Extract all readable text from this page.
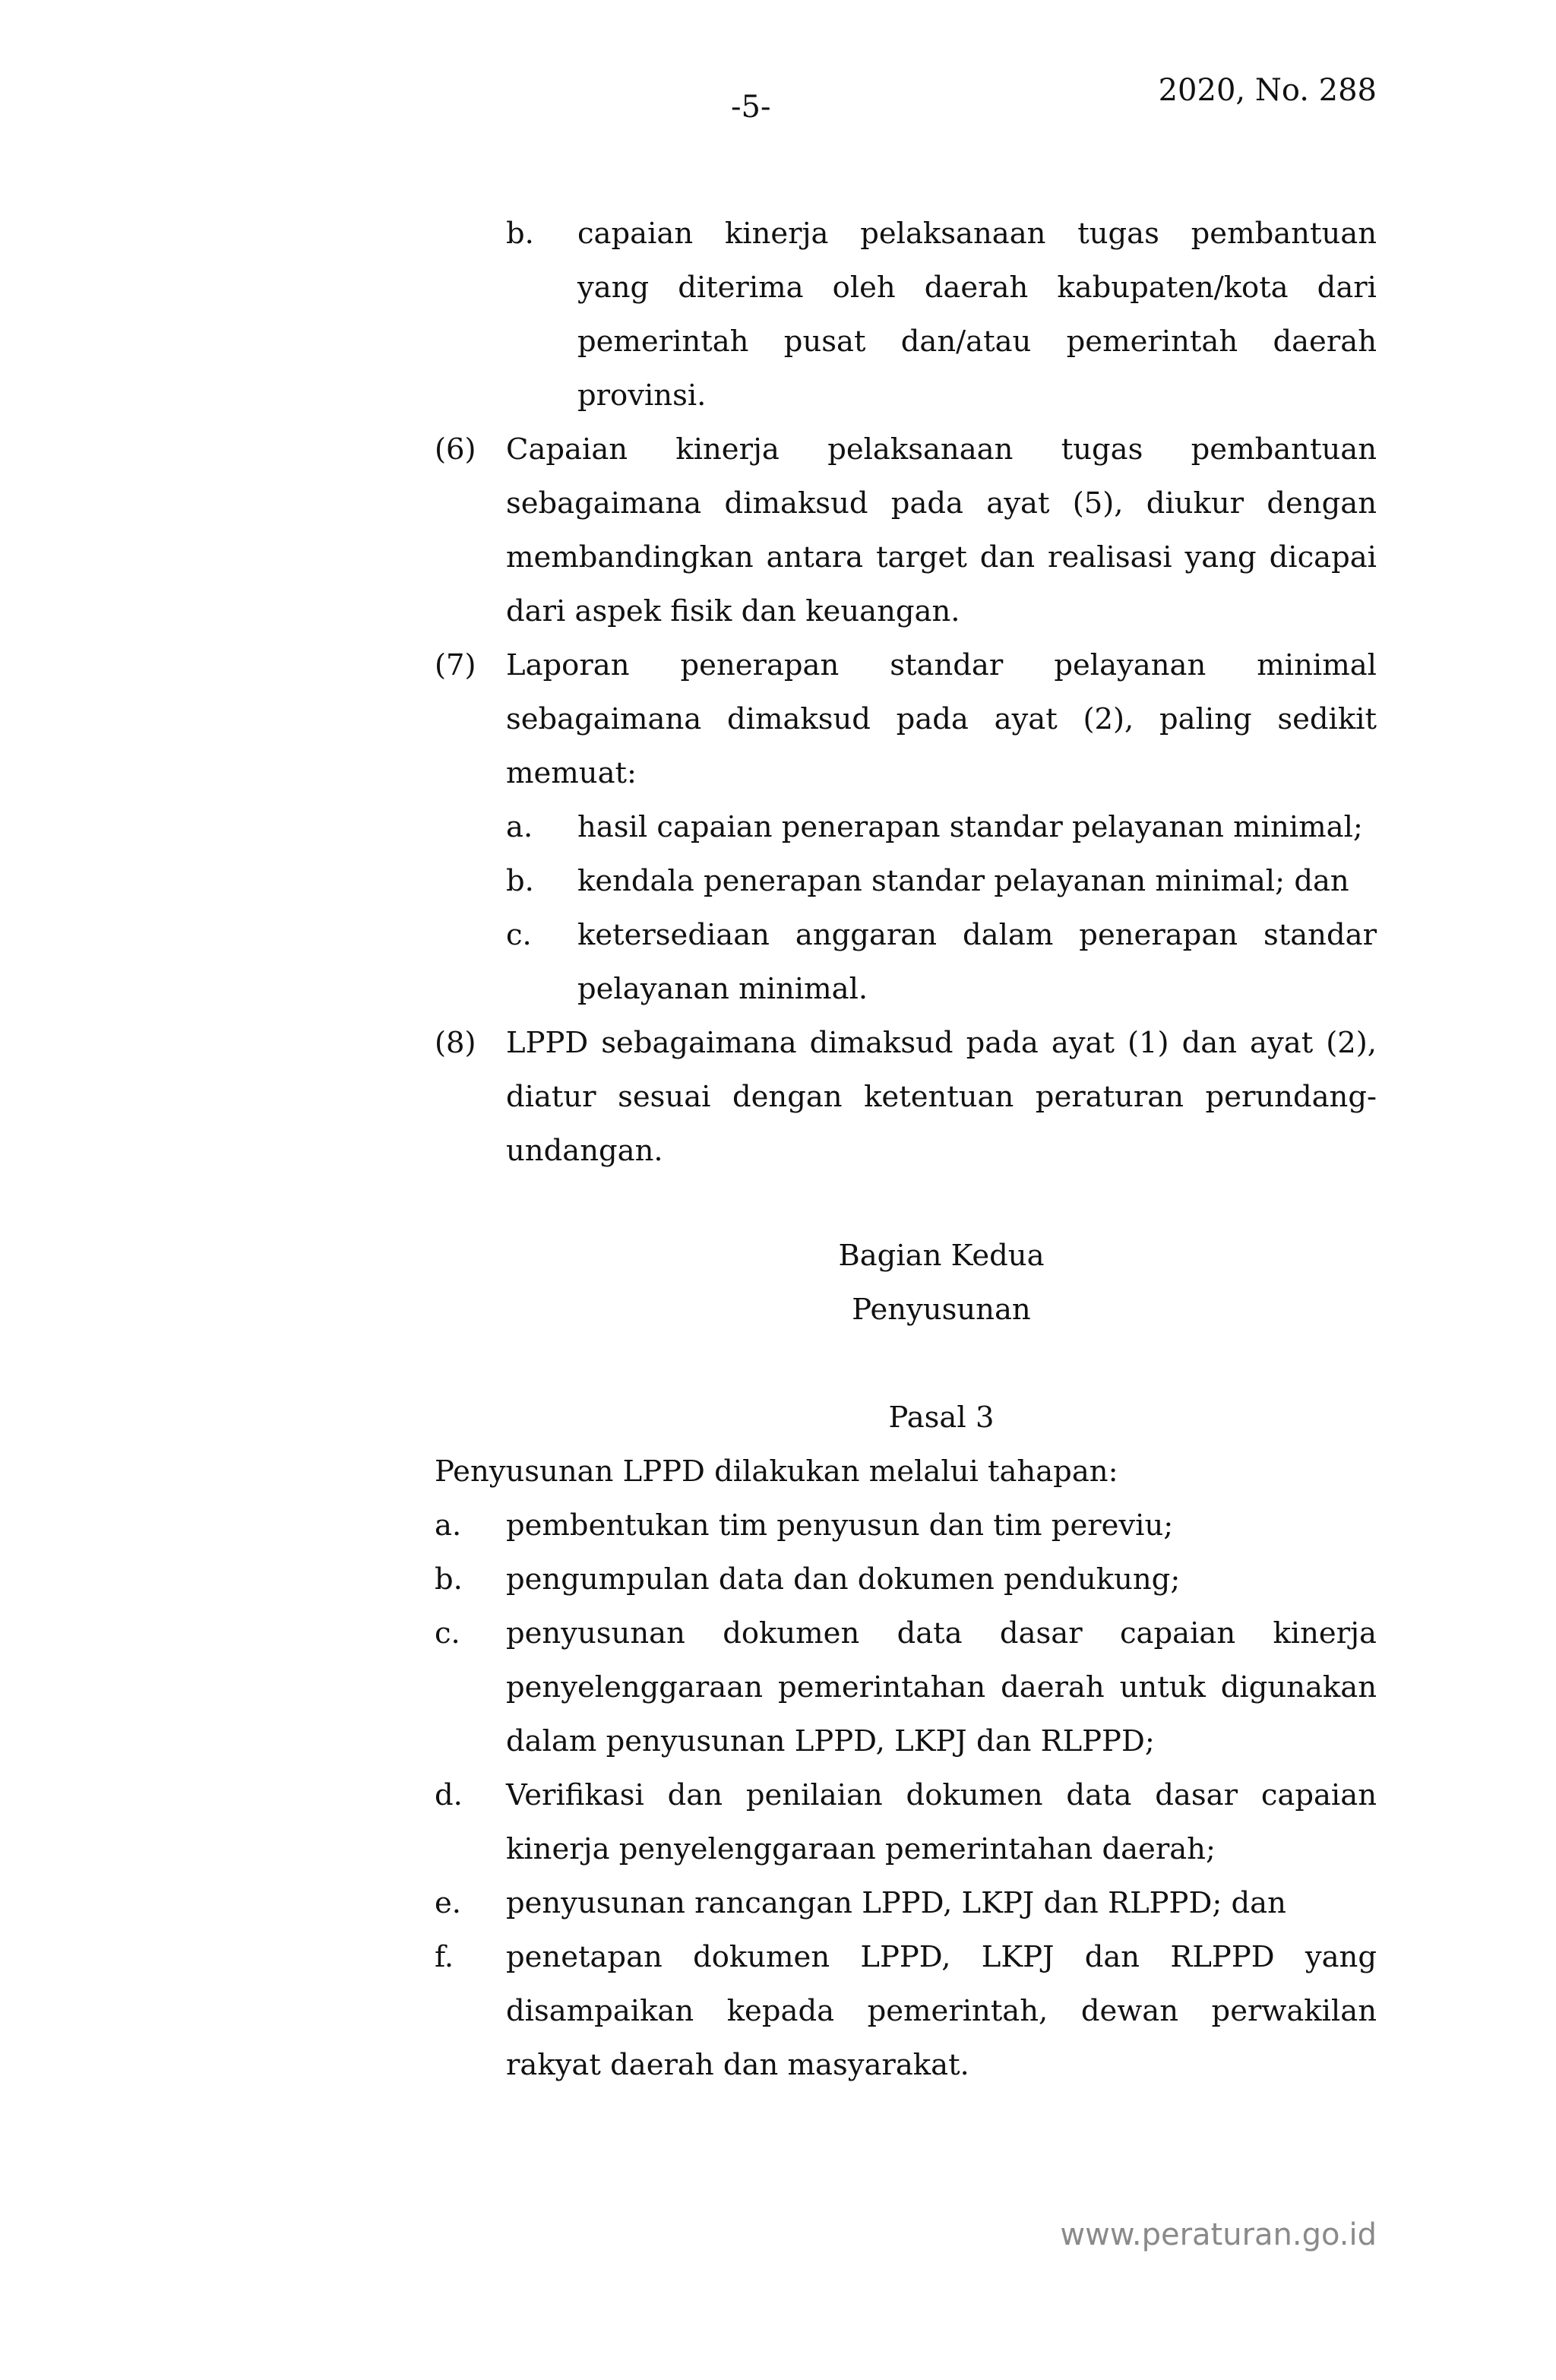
-5-	2020, No. 288
b. capaian kinerja pelaksanaan tugas pembantuan
yang diterima oleh daerah kabupaten/kota dari
pemerintah pusat dan/atau pemerintah daerah
provinsi.
(6) Capaian kinerja pelaksanaan tugas pembantuan
sebagaimana dimaksud pada ayat (5), diukur dengan
membandingkan antara target dan realisasi yang dicapai
dari aspek fisik dan keuangan.
(7) Laporan penerapan standar pelayanan minimal
sebagaimana dimaksud pada ayat (2), paling sedikit
memuat:
a. hasil capaian penerapan standar pelayanan minimal;
b. kendala penerapan standar pelayanan minimal; dan
c. ketersediaan anggaran dalam penerapan standar
pelayanan minimal.
(8) LPPD sebagaimana dimaksud pada ayat (1) dan ayat (2),
diatur sesuai dengan ketentuan peraturan perundang-
undangan.
Bagian Kedua
Penyusunan
Pasal 3
Penyusunan LPPD dilakukan melalui tahapan:
a. pembentukan tim penyusun dan tim pereviu;
b. pengumpulan data dan dokumen pendukung;
c. penyusunan dokumen data dasar capaian kinerja
penyelenggaraan pemerintahan daerah untuk digunakan
dalam penyusunan LPPD, LKPJ dan RLPPD;
d. Verifikasi dan penilaian dokumen data dasar capaian
kinerja penyelenggaraan pemerintahan daerah;
e. penyusunan rancangan LPPD, LKPJ dan RLPPD; dan
f. penetapan dokumen LPPD, LKPJ dan RLPPD yang
disampaikan kepada pemerintah, dewan perwakilan
rakyat daerah dan masyarakat.
www.peraturan.go.id
